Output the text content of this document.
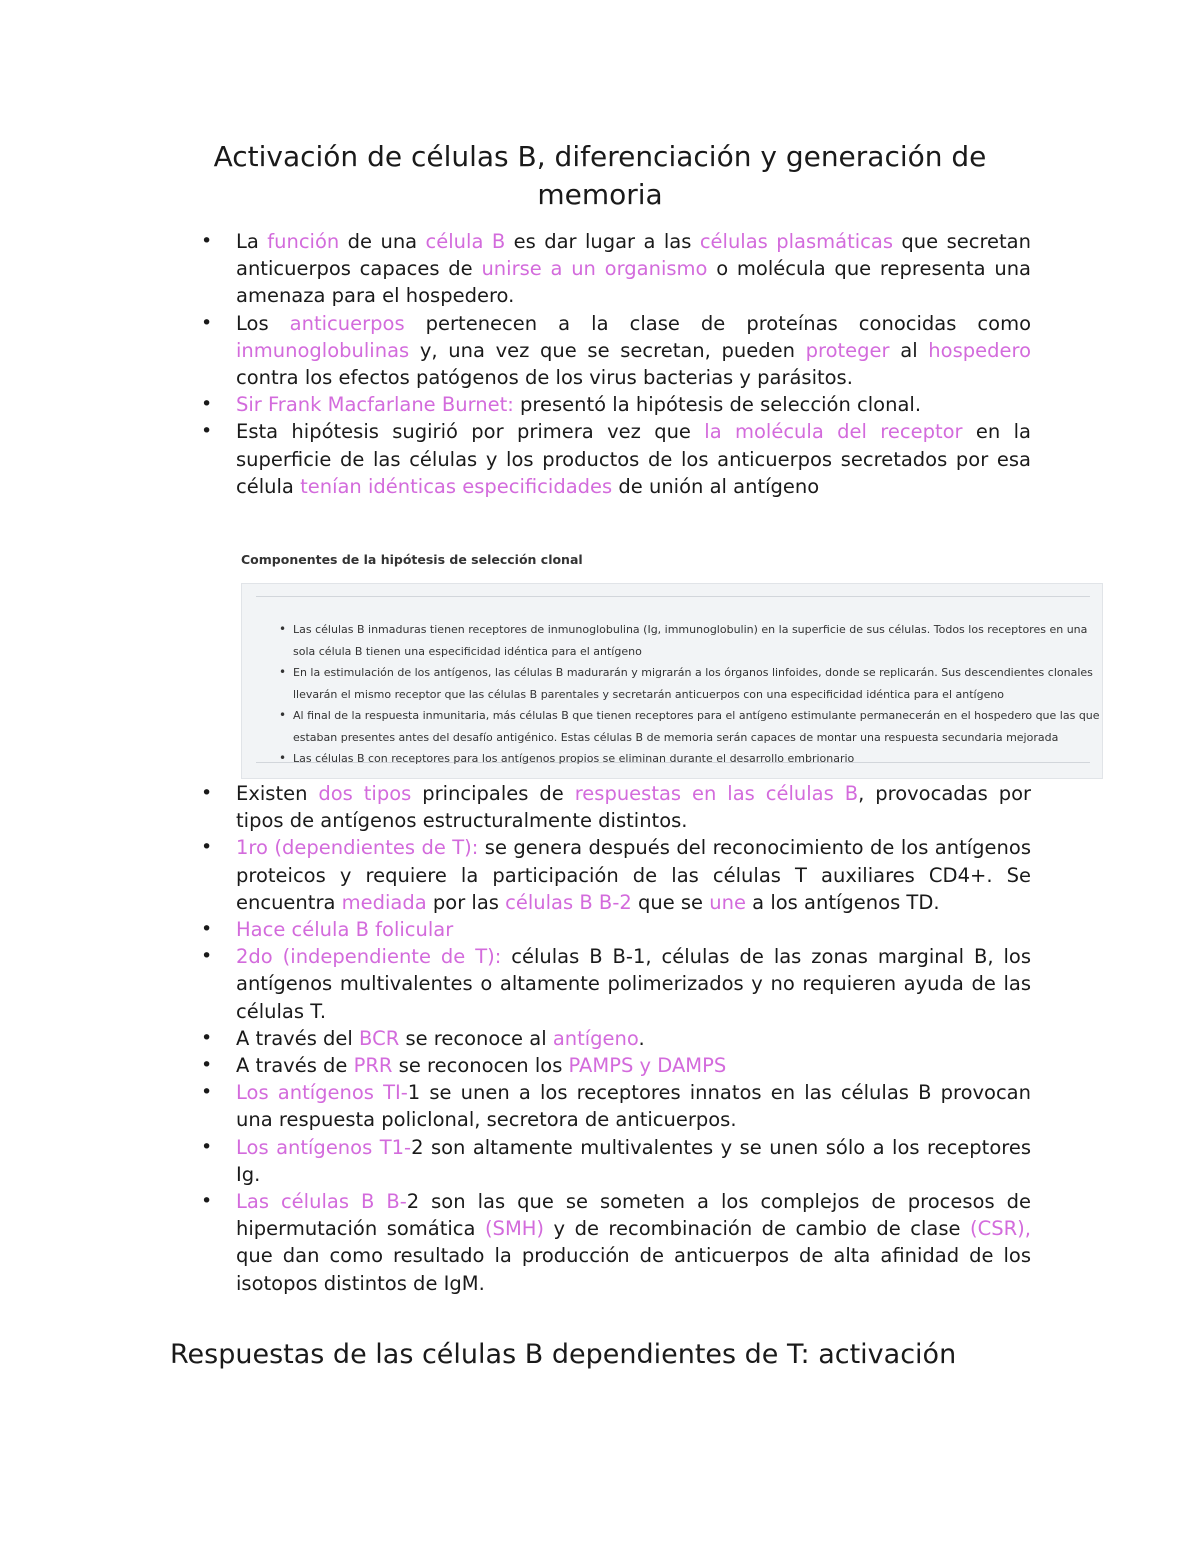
Activación de células B, diferenciación y generación de memoria
• La función de una célula B es dar lugar a las células plasmáticas que secretan anticuerpos capaces de unirse a un organismo o molécula que representa una amenaza para el hospedero.
• Los anticuerpos pertenecen a la clase de proteínas conocidas como inmunoglobulinas y, una vez que se secretan, pueden proteger al hospedero contra los efectos patógenos de los virus bacterias y parásitos.
• Sir Frank Macfarlane Burnet: presentó la hipótesis de selección clonal.
• Esta hipótesis sugirió por primera vez que la molécula del receptor en la superficie de las células y los productos de los anticuerpos secretados por esa célula tenían idénticas especificidades de unión al antígeno
Componentes de la hipótesis de selección clonal
• Las células B inmaduras tienen receptores de inmunoglobulina (Ig, immunoglobulin) en la superficie de sus células. Todos los receptores en una sola célula B tienen una especificidad idéntica para el antígeno
• En la estimulación de los antígenos, las células B madurarán y migrarán a los órganos linfoides, donde se replicarán. Sus descendientes clonales llevarán el mismo receptor que las células B parentales y secretarán anticuerpos con una especificidad idéntica para el antígeno
• Al final de la respuesta inmunitaria, más células B que tienen receptores para el antígeno estimulante permanecerán en el hospedero que las que estaban presentes antes del desafío antigénico. Estas células B de memoria serán capaces de montar una respuesta secundaria mejorada
• Las células B con receptores para los antígenos propios se eliminan durante el desarrollo embrionario
• Existen dos tipos principales de respuestas en las células B, provocadas por tipos de antígenos estructuralmente distintos.
• 1ro (dependientes de T): se genera después del reconocimiento de los antígenos proteicos y requiere la participación de las células T auxiliares CD4+. Se encuentra mediada por las células B B-2 que se une a los antígenos TD.
• Hace célula B folicular
• 2do (independiente de T): células B B-1, células de las zonas marginal B, los antígenos multivalentes o altamente polimerizados y no requieren ayuda de las células T.
• A través del BCR se reconoce al antígeno.
• A través de PRR se reconocen los PAMPS y DAMPS
• Los antígenos TI-1 se unen a los receptores innatos en las células B provocan una respuesta policlonal, secretora de anticuerpos.
• Los antígenos T1-2 son altamente multivalentes y se unen sólo a los receptores Ig.
• Las células B B-2 son las que se someten a los complejos de procesos de hipermutación somática (SMH) y de recombinación de cambio de clase (CSR), que dan como resultado la producción de anticuerpos de alta afinidad de los isotopos distintos de IgM.
Respuestas de las células B dependientes de T: activación
